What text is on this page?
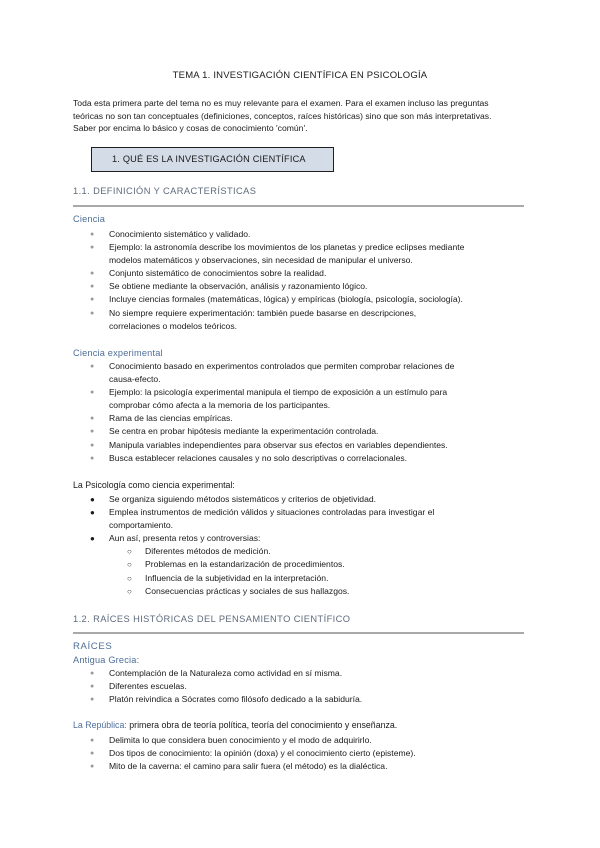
TEMA 1. INVESTIGACIÓN CIENTÍFICA EN PSICOLOGÍA
Toda esta primera parte del tema no es muy relevante para el examen. Para el examen incluso las preguntas
teóricas no son tan conceptuales (definiciones, conceptos, raíces históricas) sino que son más interpretativas.
Saber por encima lo básico y cosas de conocimiento 'común'.
1. QUÉ ES LA INVESTIGACIÓN CIENTÍFICA
1.1. DEFINICIÓN Y CARACTERÍSTICAS
Ciencia
● Conocimiento sistemático y validado.
● Ejemplo: la astronomía describe los movimientos de los planetas y predice eclipses mediante
modelos matemáticos y observaciones, sin necesidad de manipular el universo.
● Conjunto sistemático de conocimientos sobre la realidad.
● Se obtiene mediante la observación, análisis y razonamiento lógico.
● Incluye ciencias formales (matemáticas, lógica) y empíricas (biología, psicología, sociología).
● No siempre requiere experimentación: también puede basarse en descripciones,
correlaciones o modelos teóricos.
Ciencia experimental
● Conocimiento basado en experimentos controlados que permiten comprobar relaciones de
causa-efecto.
● Ejemplo: la psicología experimental manipula el tiempo de exposición a un estímulo para
comprobar cómo afecta a la memoria de los participantes.
● Rama de las ciencias empíricas.
● Se centra en probar hipótesis mediante la experimentación controlada.
● Manipula variables independientes para observar sus efectos en variables dependientes.
● Busca establecer relaciones causales y no solo descriptivas o correlacionales.
La Psicología como ciencia experimental:
● Se organiza siguiendo métodos sistemáticos y criterios de objetividad.
● Emplea instrumentos de medición válidos y situaciones controladas para investigar el
comportamiento.
● Aun así, presenta retos y controversias:
○ Diferentes métodos de medición.
○ Problemas en la estandarización de procedimientos.
○ Influencia de la subjetividad en la interpretación.
○ Consecuencias prácticas y sociales de sus hallazgos.
1.2. RAÍCES HISTÓRICAS DEL PENSAMIENTO CIENTÍFICO
RAÍCES
Antigua Grecia:
● Contemplación de la Naturaleza como actividad en sí misma.
● Diferentes escuelas.
● Platón reivindica a Sócrates como filósofo dedicado a la sabiduría.
La República: primera obra de teoría política, teoría del conocimiento y enseñanza.
● Delimita lo que considera buen conocimiento y el modo de adquirirlo.
● Dos tipos de conocimiento: la opinión (doxa) y el conocimiento cierto (episteme).
● Mito de la caverna: el camino para salir fuera (el método) es la dialéctica.
